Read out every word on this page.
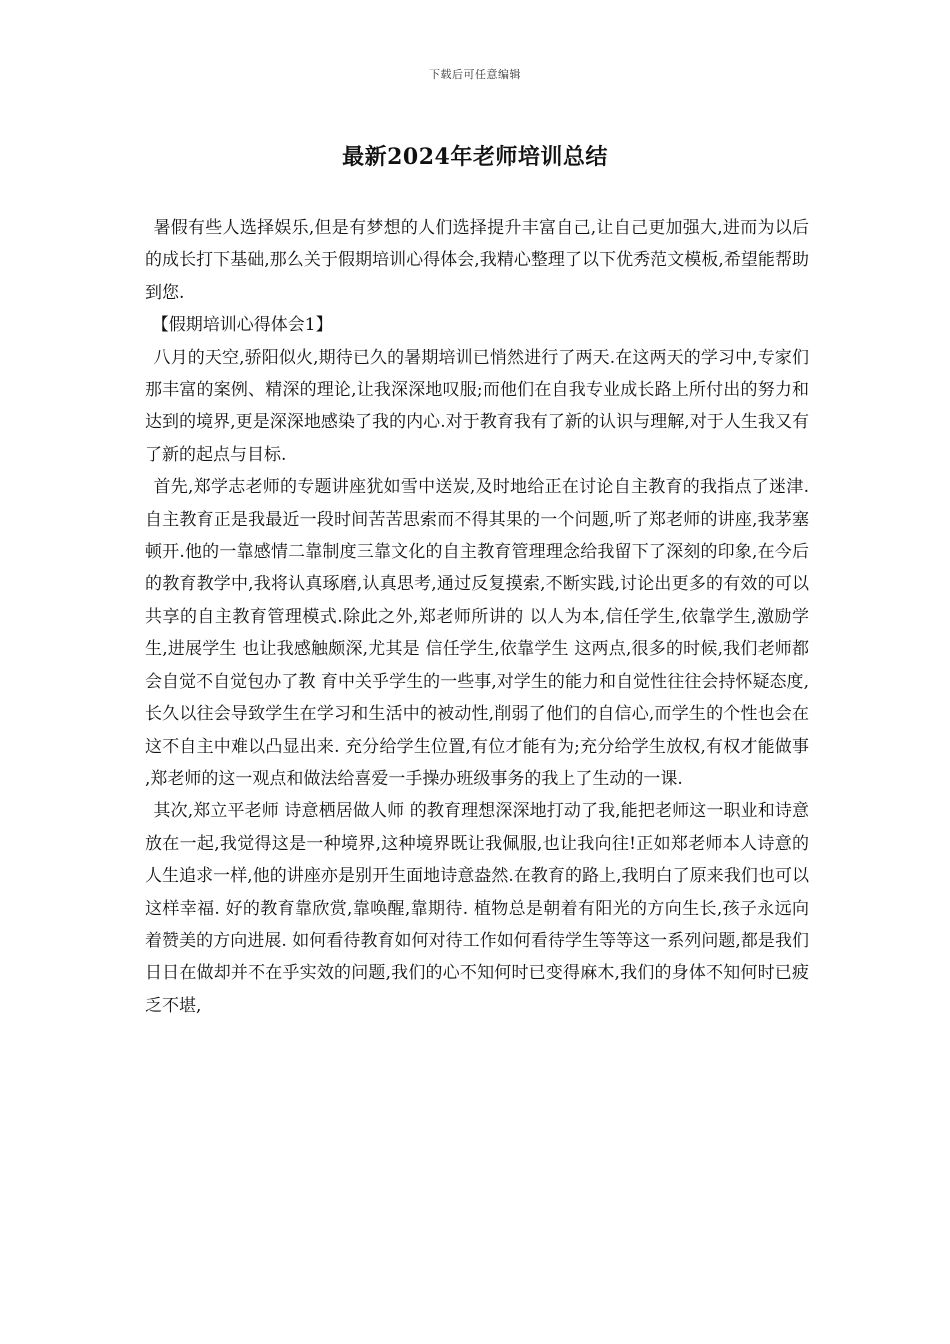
下载后可任意编辑
最新2024年老师培训总结

暑假有些人选择娱乐,但是有梦想的人们选择提升丰富自己,让自己更加强大,进而为以后的成长打下基础,那么关于假期培训心得体会,我精心整理了以下优秀范文模板,希望能帮助到您.

【假期培训心得体会1】

八月的天空,骄阳似火,期待已久的暑期培训已悄然进行了两天.在这两天的学习中,专家们那丰富的案例、精深的理论,让我深深地叹服;而他们在自我专业成长路上所付出的努力和达到的境界,更是深深地感染了我的内心.对于教育我有了新的认识与理解,对于人生我又有了新的起点与目标.

首先,郑学志老师的专题讲座犹如雪中送炭,及时地给正在讨论自主教育的我指点了迷津.自主教育正是我最近一段时间苦苦思索而不得其果的一个问题,听了郑老师的讲座,我茅塞顿开.他的一靠感情二靠制度三靠文化的自主教育管理理念给我留下了深刻的印象,在今后的教育教学中,我将认真琢磨,认真思考,通过反复摸索,不断实践,讨论出更多的有效的可以共享的自主教育管理模式.除此之外,郑老师所讲的 以人为本,信任学生,依靠学生,激励学生,进展学生 也让我感触颇深,尤其是 信任学生,依靠学生 这两点,很多的时候,我们老师都会自觉不自觉包办了教 育中关乎学生的一些事,对学生的能力和自觉性往往会持怀疑态度,长久以往会导致学生在学习和生活中的被动性,削弱了他们的自信心,而学生的个性也会在这不自主中难以凸显出来. 充分给学生位置,有位才能有为;充分给学生放权,有权才能做事 ,郑老师的这一观点和做法给喜爱一手操办班级事务的我上了生动的一课.

其次,郑立平老师 诗意栖居做人师 的教育理想深深地打动了我,能把老师这一职业和诗意放在一起,我觉得这是一种境界,这种境界既让我佩服,也让我向往!正如郑老师本人诗意的人生追求一样,他的讲座亦是别开生面地诗意盎然.在教育的路上,我明白了原来我们也可以这样幸福. 好的教育靠欣赏,靠唤醒,靠期待. 植物总是朝着有阳光的方向生长,孩子永远向着赞美的方向进展. 如何看待教育如何对待工作如何看待学生等等这一系列问题,都是我们日日在做却并不在乎实效的问题,我们的心不知何时已变得麻木,我们的身体不知何时已疲乏不堪,
